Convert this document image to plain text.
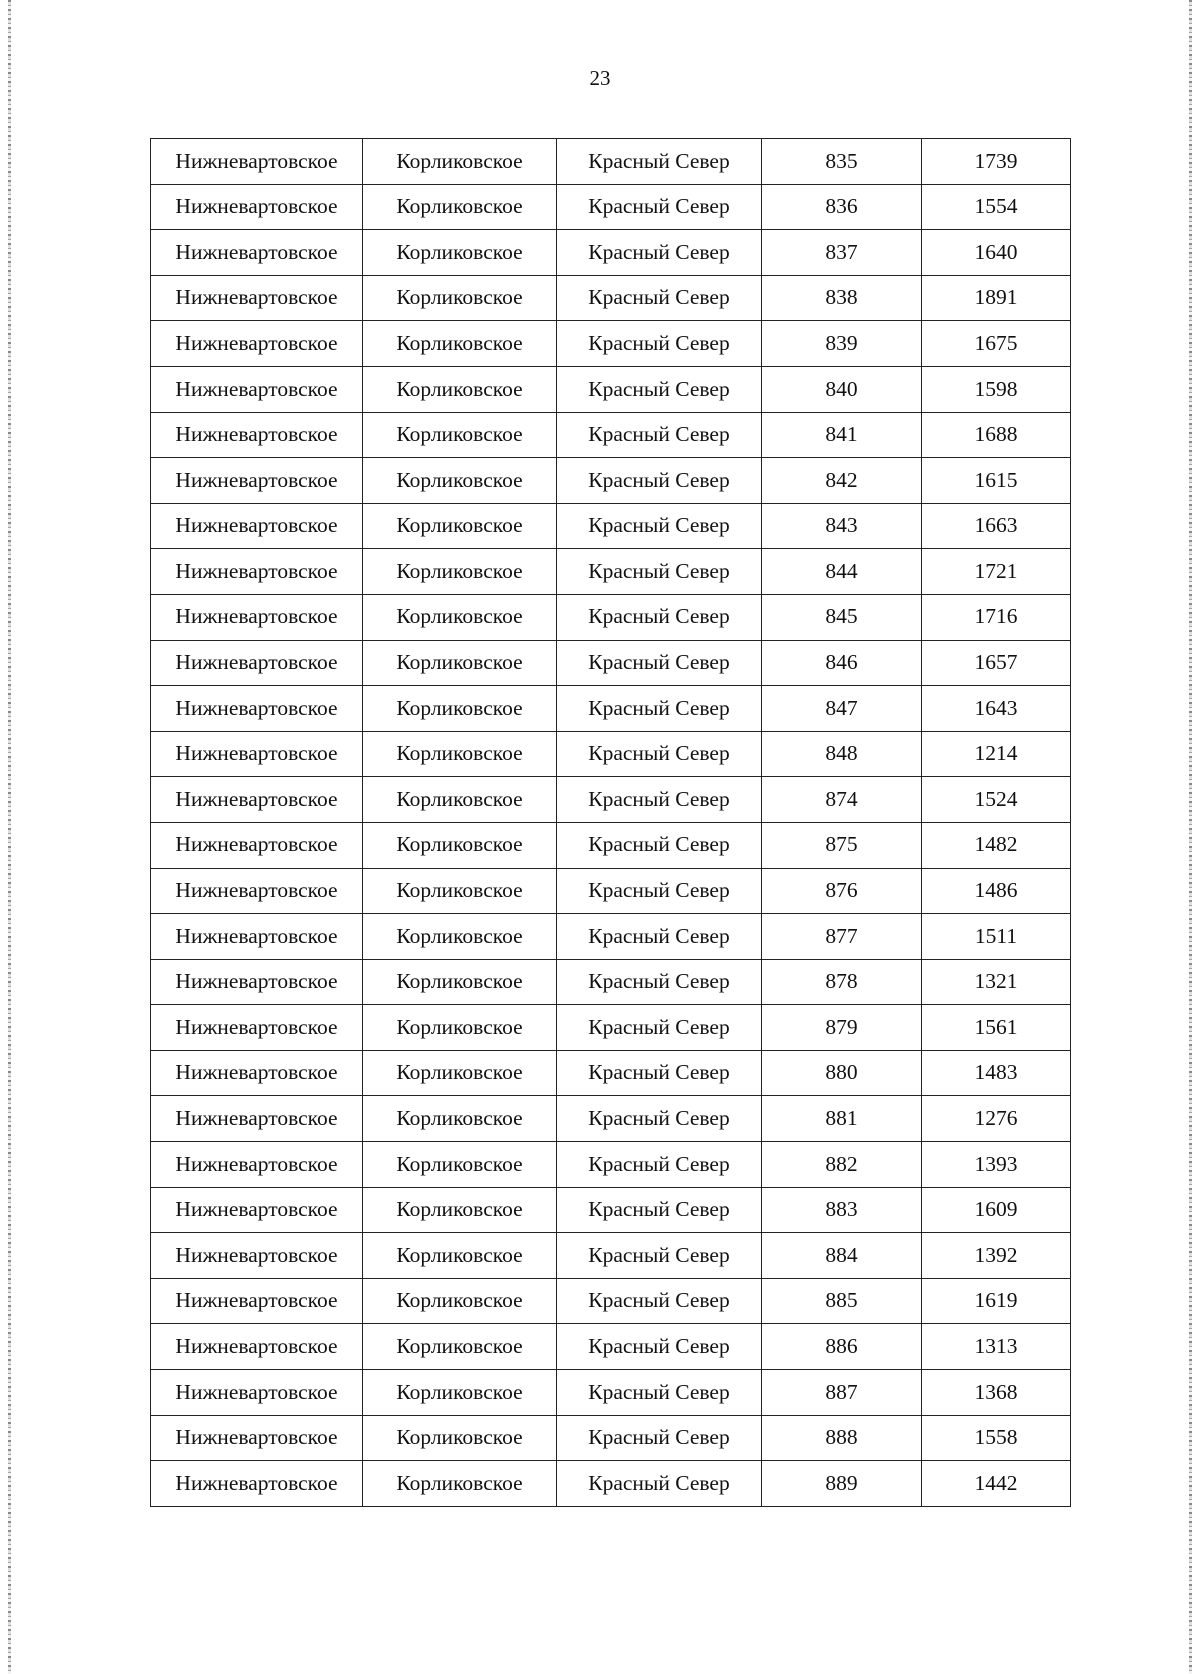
23
Нижневартовское	Корликовское	Красный Север	835	1739
Нижневартовское	Корликовское	Красный Север	836	1554
Нижневартовское	Корликовское	Красный Север	837	1640
Нижневартовское	Корликовское	Красный Север	838	1891
Нижневартовское	Корликовское	Красный Север	839	1675
Нижневартовское	Корликовское	Красный Север	840	1598
Нижневартовское	Корликовское	Красный Север	841	1688
Нижневартовское	Корликовское	Красный Север	842	1615
Нижневартовское	Корликовское	Красный Север	843	1663
Нижневартовское	Корликовское	Красный Север	844	1721
Нижневартовское	Корликовское	Красный Север	845	1716
Нижневартовское	Корликовское	Красный Север	846	1657
Нижневартовское	Корликовское	Красный Север	847	1643
Нижневартовское	Корликовское	Красный Север	848	1214
Нижневартовское	Корликовское	Красный Север	874	1524
Нижневартовское	Корликовское	Красный Север	875	1482
Нижневартовское	Корликовское	Красный Север	876	1486
Нижневартовское	Корликовское	Красный Север	877	1511
Нижневартовское	Корликовское	Красный Север	878	1321
Нижневартовское	Корликовское	Красный Север	879	1561
Нижневартовское	Корликовское	Красный Север	880	1483
Нижневартовское	Корликовское	Красный Север	881	1276
Нижневартовское	Корликовское	Красный Север	882	1393
Нижневартовское	Корликовское	Красный Север	883	1609
Нижневартовское	Корликовское	Красный Север	884	1392
Нижневартовское	Корликовское	Красный Север	885	1619
Нижневартовское	Корликовское	Красный Север	886	1313
Нижневартовское	Корликовское	Красный Север	887	1368
Нижневартовское	Корликовское	Красный Север	888	1558
Нижневартовское	Корликовское	Красный Север	889	1442
